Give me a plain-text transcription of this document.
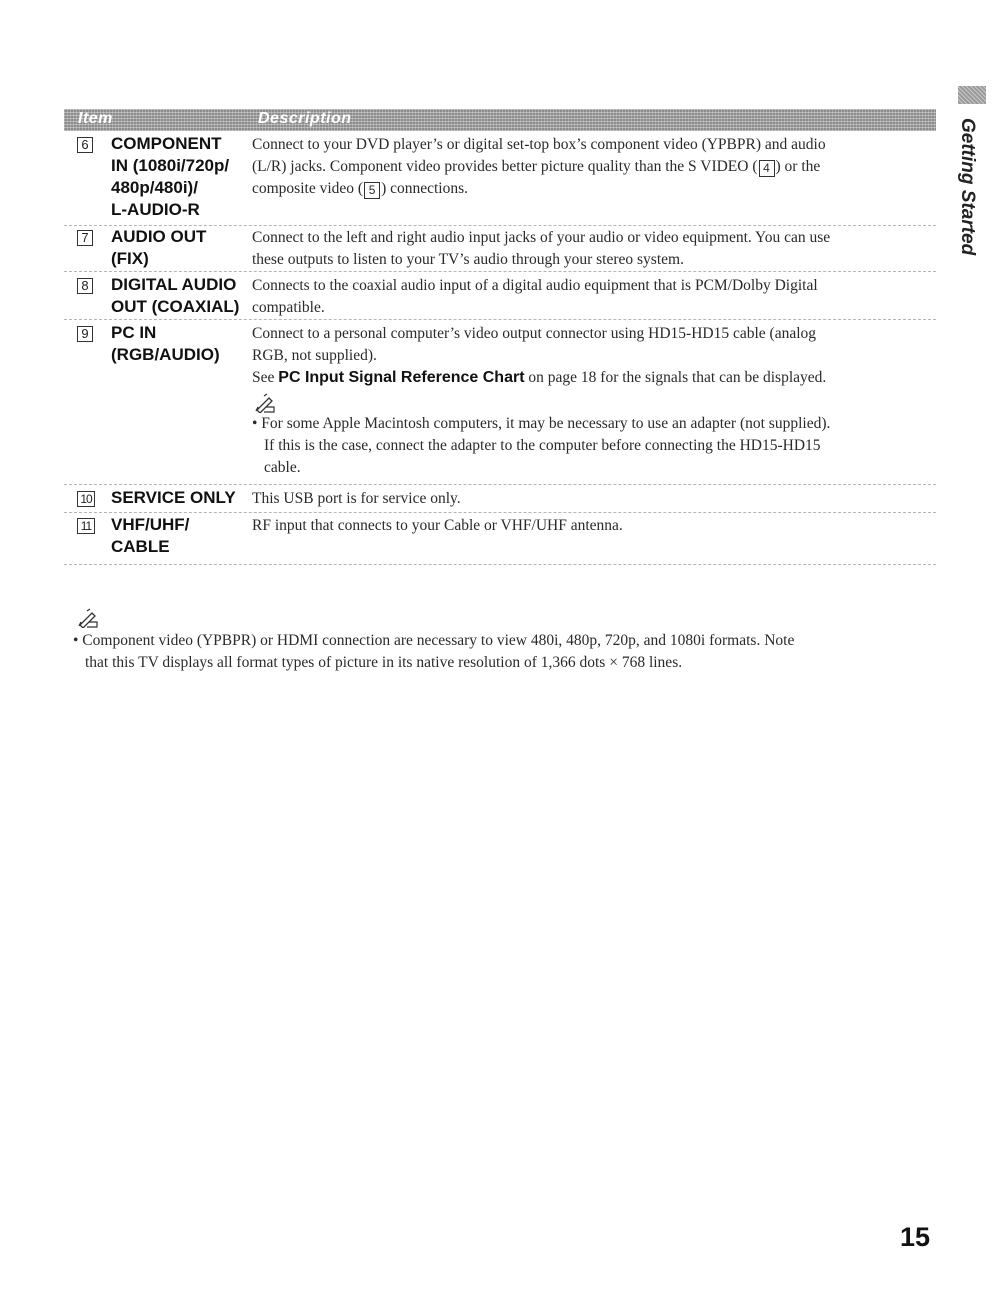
Getting Started
Item	Description
6 COMPONENT
IN (1080i/720p/
480p/480i)/
L-AUDIO-R

Connect to your DVD player’s or digital set-top box’s component video (YPBPR) and audio

(L/R) jacks. Component video provides better picture quality than the S VIDEO ( 4 ) or the

composite video ( 5 ) connections.

7 AUDIO OUT
(FIX)

Connect to the left and right audio input jacks of your audio or video equipment. You can use

these outputs to listen to your TV’s audio through your stereo system.

8 DIGITAL AUDIO
OUT (COAXIAL)

Connects to the coaxial audio input of a digital audio equipment that is PCM/Dolby Digital

compatible.

9 PC IN
(RGB/AUDIO)

Connect to a personal computer’s video output connector using HD15-HD15 cable (analog

RGB, not supplied).

See PC Input Signal Reference Chart on page 18 for the signals that can be displayed.

• For some Apple Macintosh computers, it may be necessary to use an adapter (not supplied).

If this is the case, connect the adapter to the computer before connecting the HD15-HD15

cable.

10 SERVICE ONLY	This USB port is for service only.

11 VHF/UHF/
CABLE

RF input that connects to your Cable or VHF/UHF antenna.

• Component video (YPBPR) or HDMI connection are necessary to view 480i, 480p, 720p, and 1080i formats. Note

that this TV displays all format types of picture in its native resolution of 1,366 dots × 768 lines.

15
